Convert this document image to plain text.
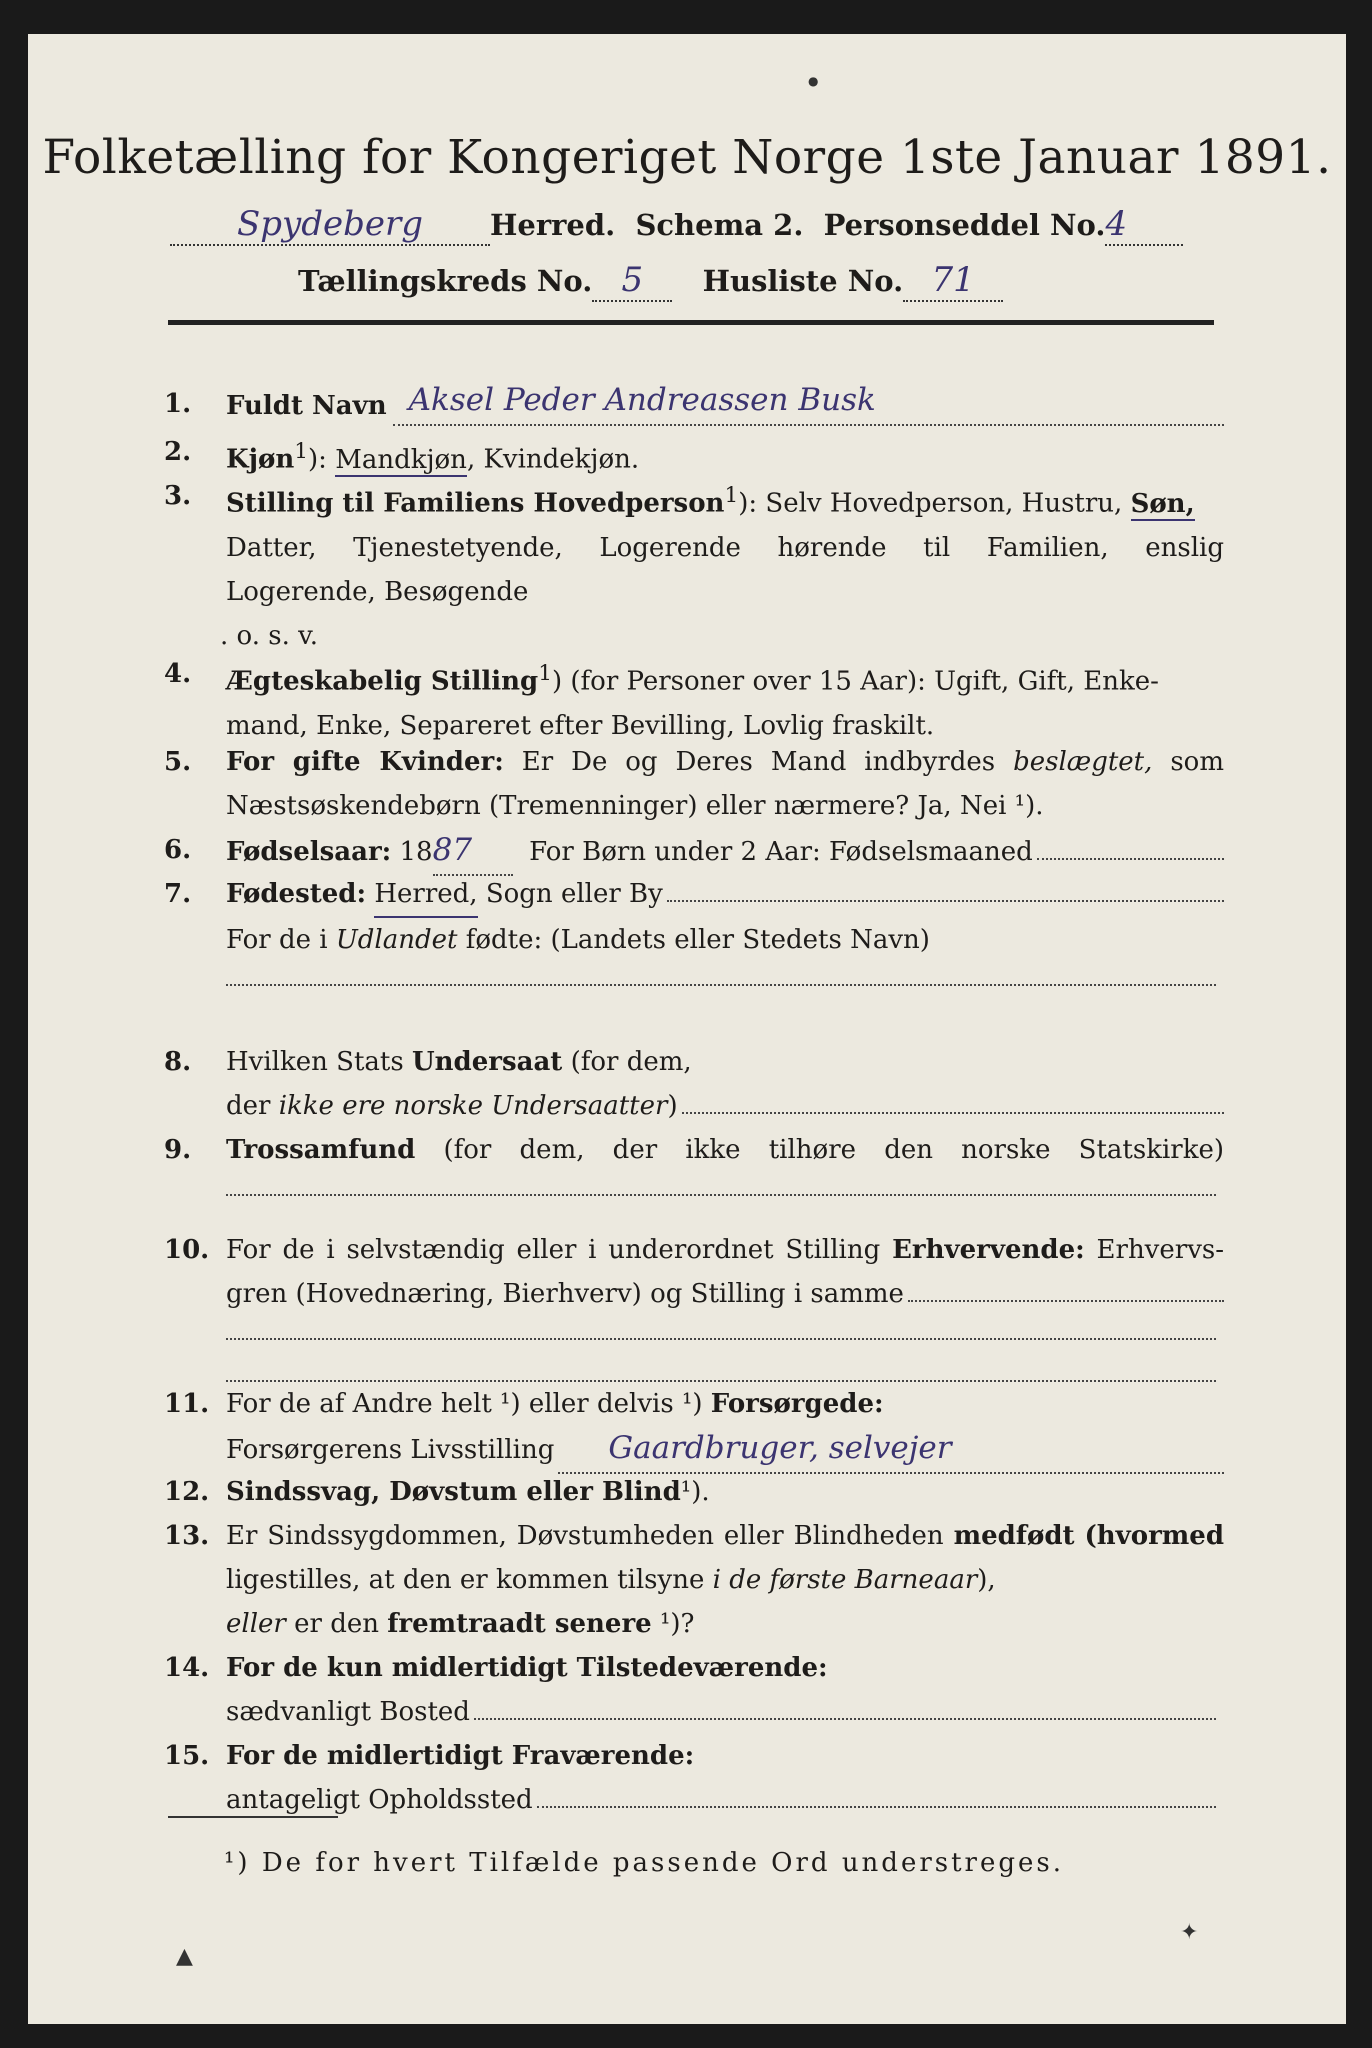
Folketælling for Kongeriget Norge 1ste Januar 1891.
Spydeberg Herred. Schema 2. Personseddel No.4
Tællingskreds No. 5 Husliste No. 71
1.	Fuldt Navn Aksel Peder Andreassen Busk
2.	Kjøn$^1$): Mandkjøn, Kvindekjøn.
3.	Stilling til Familiens Hovedperson$^1$): Selv Hovedperson, Hustru, Søn,
Datter, Tjenestetyende, Logerende hørende til Familien, enslig
Logerende, Besøgende
. o. s. v.
4.	Ægteskabelig Stilling$^1$) (for Personer over 15 Aar): Ugift, Gift, Enke-
mand, Enke, Separeret efter Bevilling, Lovlig fraskilt.
5.	For gifte Kvinder: Er De og Deres Mand indbyrdes beslægtet, som
Næstsøskendebørn (Tremenninger) eller nærmere? Ja, Nei ¹).
6.	Fødselsaar:
18 87
	For Børn under 2 Aar: Fødselsmaaned
7.	Fødested:
Herred,
Sogn eller By
For de i Udlandet fødte: (Landets eller Stedets Navn)
8.	Hvilken Stats Undersaat (for dem,
der
ikke ere norske Undersaatter )
9.	Trossamfund (for dem, der ikke tilhøre den norske Statskirke)
10. For de i selvstændig eller i underordnet Stilling Erhvervende: Erhvervs-
gren (Hovednæring, Bierhverv) og Stilling i samme
11. For de af Andre helt ¹) eller delvis ¹) Forsørgede:
Forsørgerens Livsstilling	Gaardbruger, selvejer
12. Sindssvag, Døvstum eller Blind¹).
13. Er Sindssygdommen, Døvstumheden eller Blindheden medfødt (hvormed
ligestilles, at den er kommen tilsyne i de første Barneaar),
eller er den fremtraadt senere ¹)?
14. For de kun midlertidigt Tilstedeværende:
sædvanligt Bosted
15. For de midlertidigt Fraværende:
antageligt Opholdssted
¹) De for hvert Tilfælde passende Ord understreges.
▲
✦
●
